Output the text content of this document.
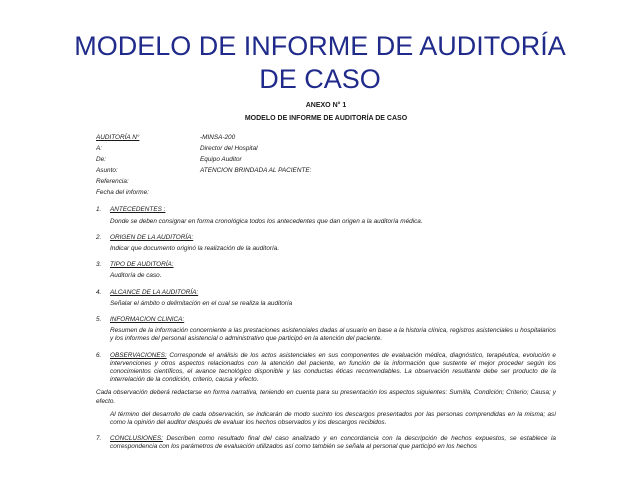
MODELO DE INFORME DE AUDITORÍA
DE CASO
ANEXO N° 1
MODELO DE INFORME DE AUDITORÍA DE CASO
AUDITORÍA N°	-MINSA-200
A:	Director del Hospital
De:	Equipo Auditor
Asunto:	ATENCION BRINDADA AL PACIENTE:
Referencia:
Fecha del informe:
1.	ANTECEDENTES :
Donde se deben consignar en forma cronológica todos los antecedentes que dan origen a la auditoría médica.
2.	ORIGEN DE LA AUDITORÍA:
Indicar que documento originó la realización de la auditoría.
3.	TIPO DE AUDITORÍA:
Auditoría de caso.
4.	ALCANCE DE LA AUDITORÍA:
Señalar el ámbito o delimitación en el cual se realiza la auditoría
5.	INFORMACION CLINICA:
Resumen de la información concerniente a las prestaciones asistenciales dadas al usuario en base a la historia clínica, registros asistenciales u hospitalarios y los informes del personal asistencial o administrativo que participó en la atención del paciente.
6.	OBSERVACIONES: Corresponde el análisis de los actos asistenciales en sus componentes de evaluación médica, diagnóstico, terapéutica, evolución e intervenciones y otros aspectos relacionados con la atención del paciente, en función de la información que sustente el mejor proceder según los conocimientos científicos, el avance tecnológico disponible y las conductas éticas recomendables. La observación resultante debe ser producto de la interrelación de la condición, criterio, causa y efecto.
Cada observación deberá redactarse en forma narrativa, teniendo en cuenta para su presentación los aspectos siguientes: Sumilla, Condición; Criterio; Causa; y efecto.
Al término del desarrollo de cada observación, se indicarán de modo sucinto los descargos presentados por las personas comprendidas en la misma; así como la opinión del auditor después de evaluar los hechos observados y los descargos recibidos.
7.	CONCLUSIONES: Describen como resultado final del caso analizado y en concordancia con la descripción de hechos expuestos, se establece la correspondencia con los parámetros de evaluación utilizados así como también se señala al personal que participó en los hechos
